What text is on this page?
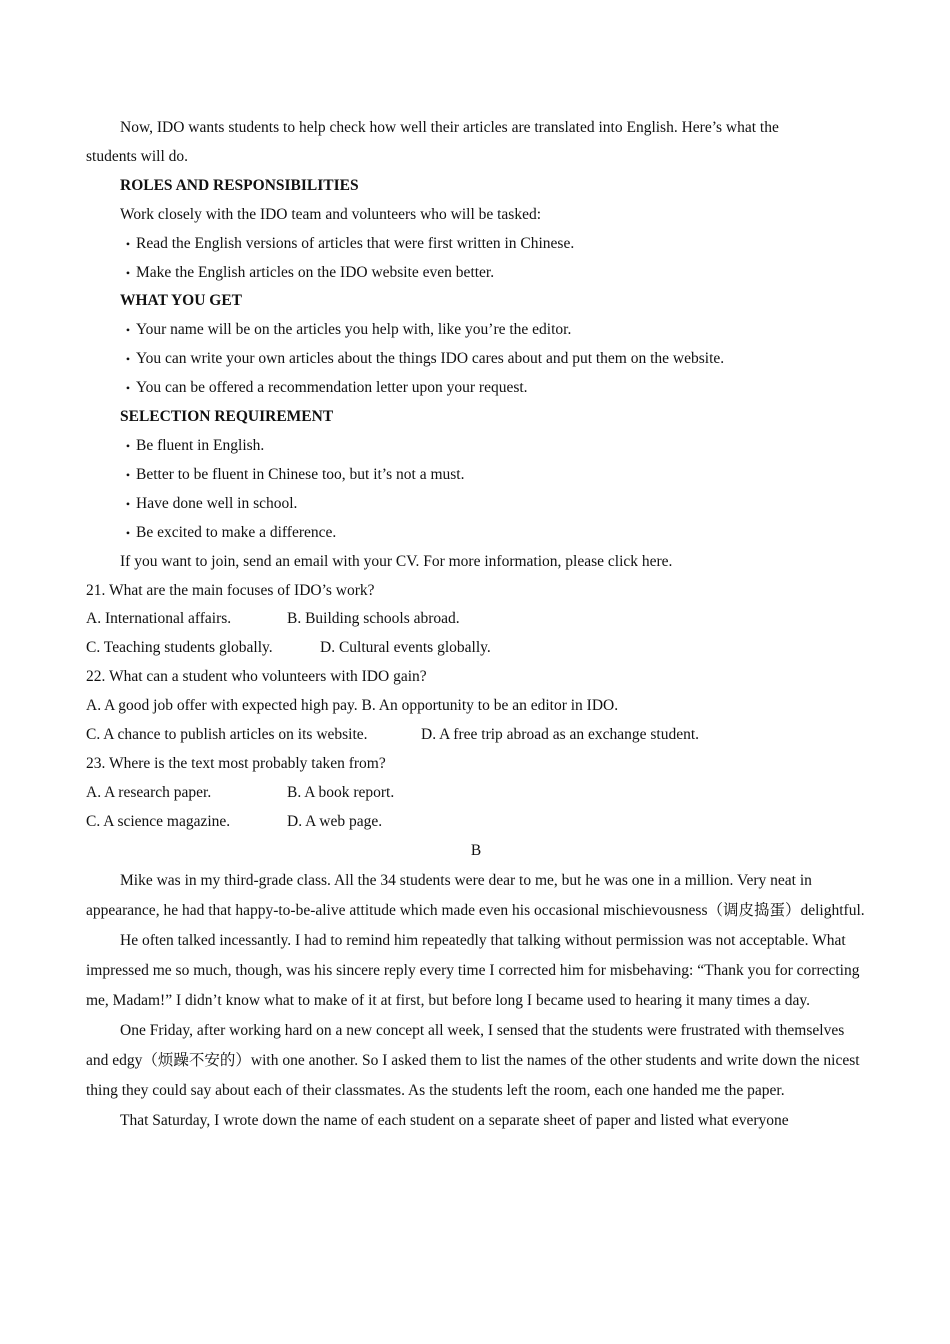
Now, IDO wants students to help check how well their articles are translated into English. Here’s what the

students will do.

ROLES AND RESPONSIBILITIES

Work closely with the IDO team and volunteers who will be tasked:

• Read the English versions of articles that were first written in Chinese.

• Make the English articles on the IDO website even better.

WHAT YOU GET

• Your name will be on the articles you help with, like you’re the editor.

• You can write your own articles about the things IDO cares about and put them on the website.

• You can be offered a recommendation letter upon your request.

SELECTION REQUIREMENT

• Be fluent in English.

• Better to be fluent in Chinese too, but it’s not a must.

• Have done well in school.

• Be excited to make a difference.

If you want to join, send an email with your CV. For more information, please click here.

21. What are the main focuses of IDO’s work?

A. International affairs.	B. Building schools abroad.

C. Teaching students globally.	D. Cultural events globally.

22. What can a student who volunteers with IDO gain?

A. A good job offer with expected high pay. B. An opportunity to be an editor in IDO.

C. A chance to publish articles on its website.	D. A free trip abroad as an exchange student.

23. Where is the text most probably taken from?

A. A research paper.	B. A book report.

C. A science magazine.	D. A web page.

B

Mike was in my third-grade class. All the 34 students were dear to me, but he was one in a million. Very neat in appearance, he had that happy-to-be-alive attitude which made even his occasional mischievousness（调皮捣蛋）delightful.

He often talked incessantly. I had to remind him repeatedly that talking without permission was not acceptable. What impressed me so much, though, was his sincere reply every time I corrected him for misbehaving: “Thank you for correcting me, Madam!” I didn’t know what to make of it at first, but before long I became used to hearing it many times a day.

One Friday, after working hard on a new concept all week, I sensed that the students were frustrated with themselves and edgy（烦躁不安的）with one another. So I asked them to list the names of the other students and write down the nicest thing they could say about each of their classmates. As the students left the room, each one handed me the paper.

That Saturday, I wrote down the name of each student on a separate sheet of paper and listed what everyone
